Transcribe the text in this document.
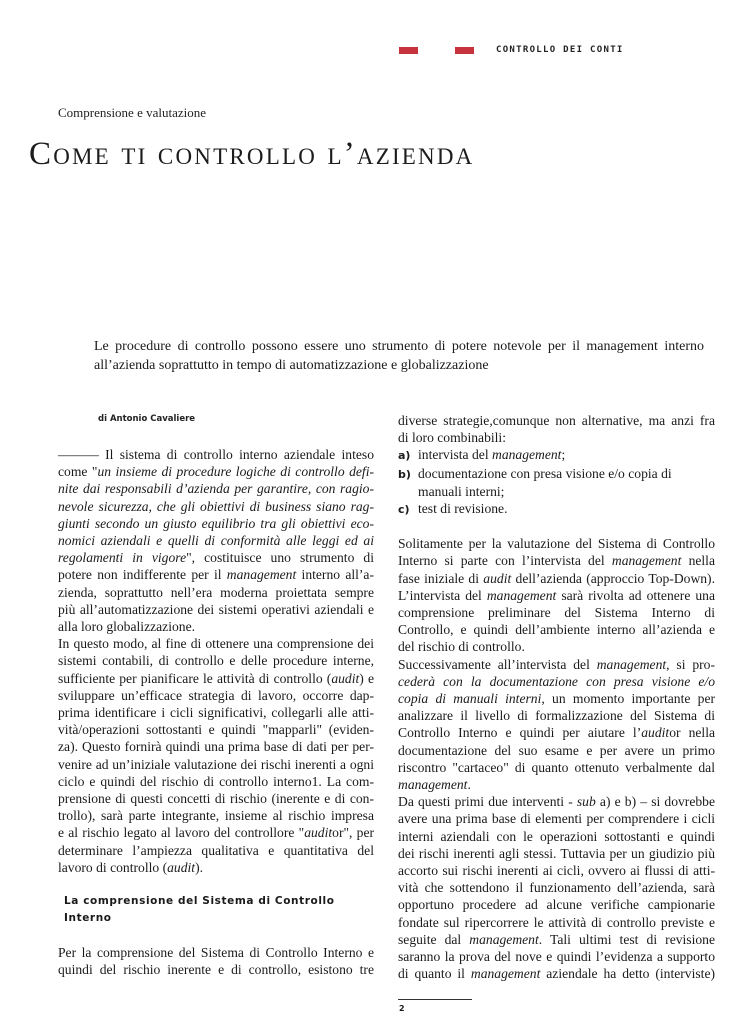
CONTROLLO DEI CONTI
Comprensione e valutazione
Come ti controllo l’azienda
Le procedure di controllo possono essere uno strumento di potere notevole per il management interno
all’azienda soprattutto in tempo di automatizzazione e globalizzazione
di Antonio Cavaliere
——— Il sistema di controllo interno aziendale inteso
come "un insieme di procedure logiche di controllo defi-
nite dai responsabili d’azienda per garantire, con ragio-
nevole sicurezza, che gli obiettivi di business siano rag-
giunti secondo un giusto equilibrio tra gli obiettivi eco-
nomici aziendali e quelli di conformità alle leggi ed ai
regolamenti in vigore", costituisce uno strumento di
potere non indifferente per il management interno all’a-
zienda, soprattutto nell’era moderna proiettata sempre
più all’automatizzazione dei sistemi operativi aziendali e
alla loro globalizzazione.
In questo modo, al fine di ottenere una comprensione dei
sistemi contabili, di controllo e delle procedure interne,
sufficiente per pianificare le attività di controllo (audit) e
sviluppare un’efficace strategia di lavoro, occorre dap-
prima identificare i cicli significativi, collegarli alle atti-
vità/operazioni sottostanti e quindi "mapparli" (eviden-
za). Questo fornirà quindi una prima base di dati per per-
venire ad un’iniziale valutazione dei rischi inerenti a ogni
ciclo e quindi del rischio di controllo interno1. La com-
prensione di questi concetti di rischio (inerente e di con-
trollo), sarà parte integrante, insieme al rischio impresa
e al rischio legato al lavoro del controllore "auditor", per
determinare l’ampiezza qualitativa e quantitativa del
lavoro di controllo (audit).
La comprensione del Sistema di Controllo
Interno
Per la comprensione del Sistema di Controllo Interno e
quindi del rischio inerente e di controllo, esistono tre
diverse strategie,comunque non alternative, ma anzi fra
di loro combinabili:
a) intervista del management;
b) documentazione con presa visione e/o copia di
manuali interni;
c) test di revisione.
Solitamente per la valutazione del Sistema di Controllo
Interno si parte con l’intervista del management nella
fase iniziale di audit dell’azienda (approccio Top-Down).
L’intervista del management sarà rivolta ad ottenere una
comprensione preliminare del Sistema Interno di
Controllo, e quindi dell’ambiente interno all’azienda e
del rischio di controllo.
Successivamente all’intervista del management, si pro-
cederà con la documentazione con presa visione e/o
copia di manuali interni, un momento importante per
analizzare il livello di formalizzazione del Sistema di
Controllo Interno e quindi per aiutare l’auditor nella
documentazione del suo esame e per avere un primo
riscontro "cartaceo" di quanto ottenuto verbalmente dal
management.
Da questi primi due interventi - sub a) e b) – si dovrebbe
avere una prima base di elementi per comprendere i cicli
interni aziendali con le operazioni sottostanti e quindi
dei rischi inerenti agli stessi. Tuttavia per un giudizio più
accorto sui rischi inerenti ai cicli, ovvero ai flussi di atti-
vità che sottendono il funzionamento dell’azienda, sarà
opportuno procedere ad alcune verifiche campionarie
fondate sul ripercorrere le attività di controllo previste e
seguite dal management. Tali ultimi test di revisione
saranno la prova del nove e quindi l’evidenza a supporto
di quanto il management aziendale ha detto (interviste)
2
